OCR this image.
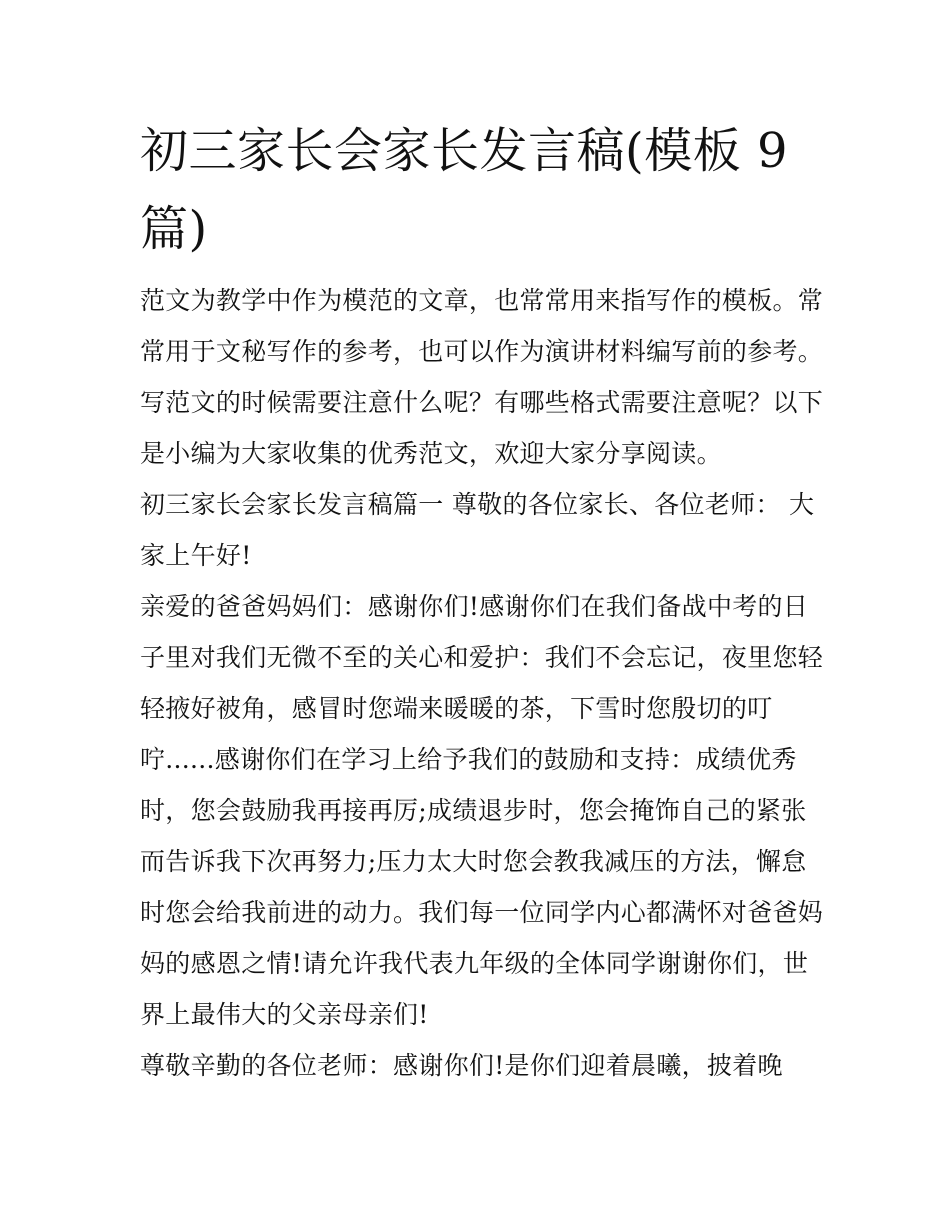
初三家长会家长发言稿(模板 9
篇)
范文为教学中作为模范的文章，也常常用来指写作的模板。常
常用于文秘写作的参考，也可以作为演讲材料编写前的参考。
写范文的时候需要注意什么呢？有哪些格式需要注意呢？以下
是小编为大家收集的优秀范文，欢迎大家分享阅读。
初三家长会家长发言稿篇一 尊敬的各位家长、各位老师： 大
家上午好!
亲爱的爸爸妈妈们：感谢你们!感谢你们在我们备战中考的日
子里对我们无微不至的关心和爱护：我们不会忘记，夜里您轻
轻掖好被角，感冒时您端来暖暖的茶，下雪时您殷切的叮
咛......感谢你们在学习上给予我们的鼓励和支持：成绩优秀
时，您会鼓励我再接再厉;成绩退步时，您会掩饰自己的紧张
而告诉我下次再努力;压力太大时您会教我减压的方法，懈怠
时您会给我前进的动力。我们每一位同学内心都满怀对爸爸妈
妈的感恩之情!请允许我代表九年级的全体同学谢谢你们，世
界上最伟大的父亲母亲们!
尊敬辛勤的各位老师：感谢你们!是你们迎着晨曦，披着晚
